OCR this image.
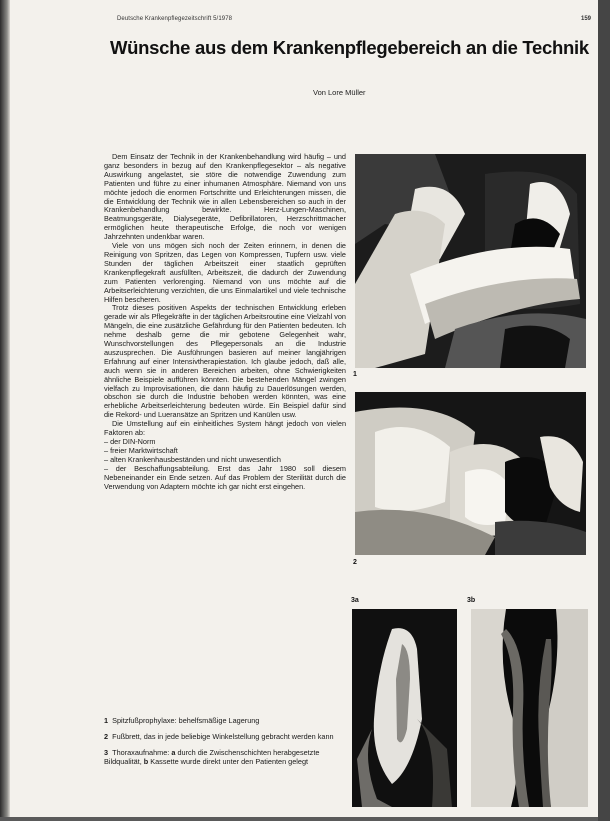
Deutsche Krankenpflegezeitschrift 5/1978	159
Wünsche aus dem Krankenpflegebereich an die Technik
Von Lore Müller

Dem Einsatz der Technik in der Krankenbehandlung wird häufig – und ganz besonders in bezug auf den Krankenpflegesektor – als negative Auswirkung angelastet, sie störe die notwendige Zuwendung zum Patienten und führe zu einer inhumanen Atmosphäre. Niemand von uns möchte jedoch die enormen Fortschritte und Erleichterungen missen, die die Entwicklung der Technik wie in allen Lebensbereichen so auch in der Krankenbehandlung bewirkte. Herz-Lungen-Maschinen, Beatmungsgeräte, Dialysegeräte, Defibrillatoren, Herzschrittmacher ermöglichen heute therapeutische Erfolge, die noch vor wenigen Jahrzehnten undenkbar waren.

Viele von uns mögen sich noch der Zeiten erinnern, in denen die Reinigung von Spritzen, das Legen von Kompressen, Tupfern usw. viele Stunden der täglichen Arbeitszeit einer staatlich geprüften Krankenpflegekraft ausfüllten, Arbeitszeit, die dadurch der Zuwendung zum Patienten verlorenging. Niemand von uns möchte auf die Arbeitserleichterung verzichten, die uns Einmalartikel und viele technische Hilfen bescheren.

Trotz dieses positiven Aspekts der technischen Entwicklung erleben gerade wir als Pflegekräfte in der täglichen Arbeitsroutine eine Vielzahl von Mängeln, die eine zusätzliche Gefährdung für den Patienten bedeuten. Ich nehme deshalb gerne die mir gebotene Gelegenheit wahr, Wunschvorstellungen des Pflegepersonals an die Industrie auszusprechen. Die Ausführungen basieren auf meiner langjährigen Erfahrung auf einer Intensivtherapiestation. Ich glaube jedoch, daß alle, auch wenn sie in anderen Bereichen arbeiten, ohne Schwierigkeiten ähnliche Beispiele aufführen könnten. Die bestehenden Mängel zwingen vielfach zu Improvisationen, die dann häufig zu Dauerlösungen werden, obschon sie durch die Industrie behoben werden könnten, was eine erhebliche Arbeitserleichterung bedeuten würde. Ein Beispiel dafür sind die Rekord- und Lueransätze an Spritzen und Kanülen usw.

Die Umstellung auf ein einheitliches System hängt jedoch von vielen Faktoren ab:

– der DIN-Norm
– freier Marktwirtschaft
– alten Krankenhausbeständen und nicht unwesentlich
– der Beschaffungsabteilung. Erst das Jahr 1980 soll diesem Nebeneinander ein Ende setzen. Auf das Problem der Sterilität durch die Verwendung von Adaptern möchte ich gar nicht erst eingehen.

1 Spitzfußprophylaxe: behelfsmäßige Lagerung

2 Fußbrett, das in jede beliebige Winkelstellung gebracht werden kann

3 Thoraxaufnahme: a durch die Zwischenschichten herabgesetzte Bildqualität, b Kassette wurde direkt unter den Patienten gelegt

1
2
3a	3b
